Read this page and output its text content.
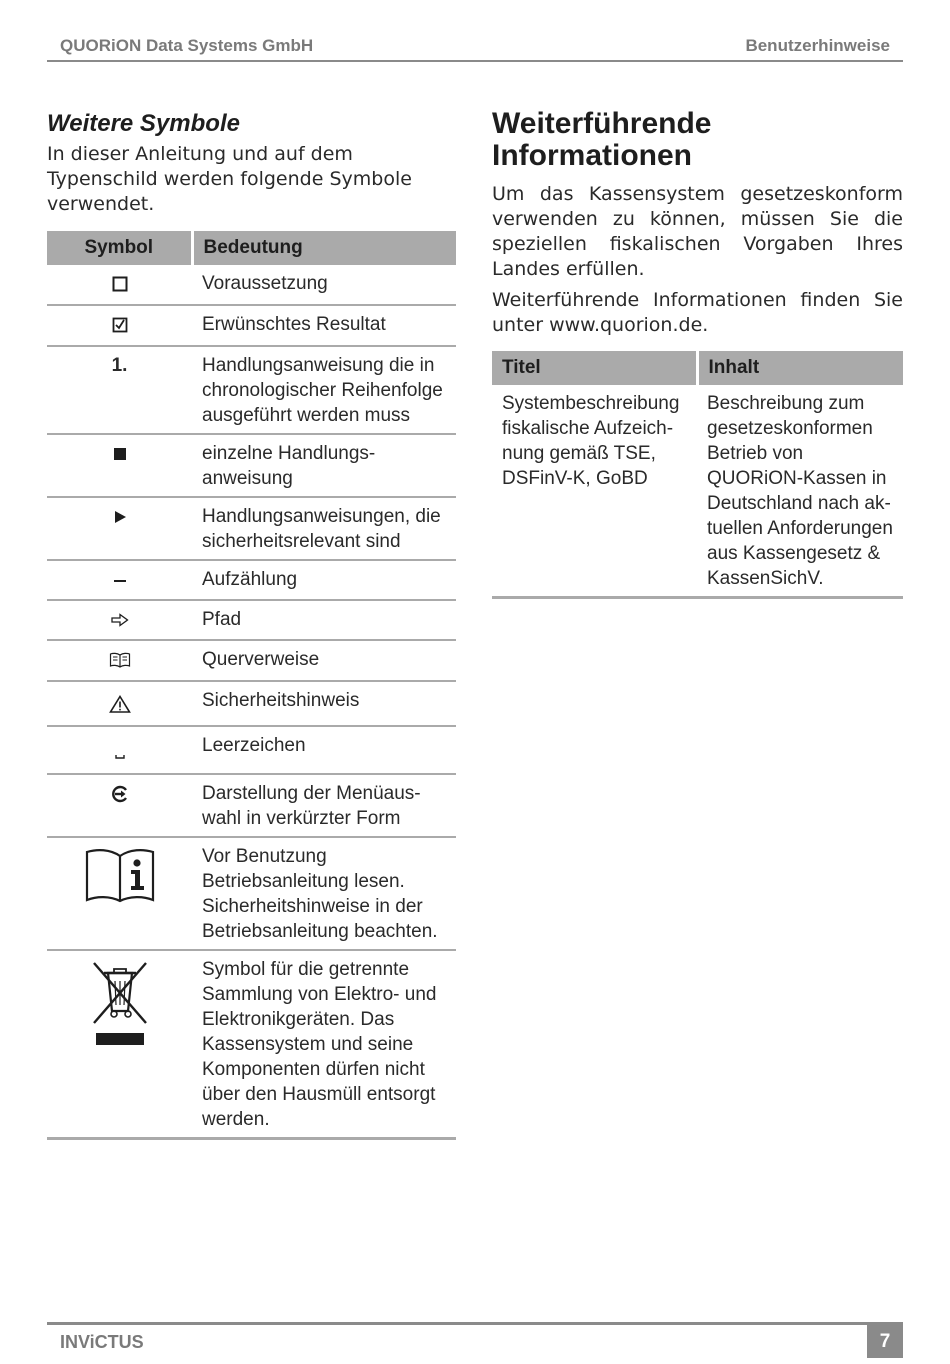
QUORiON Data Systems GmbH	Benutzerhinweise
Weitere Symbole
In dieser Anleitung und auf dem Typenschild werden folgende Symbole verwendet.
Symbol	Bedeutung
	Voraussetzung
	Erwünschtes Resultat
1.	Handlungsanweisung die in chronologischer Reihenfolge ausgeführt werden muss
	einzelne Handlungsanweisung
	Handlungsanweisungen, die sicherheitsrelevant sind
	Aufzählung
	Pfad
	Querverweise
	Sicherheitshinweis
	Leerzeichen
	Darstellung der Menüauswahl in verkürzter Form
	Vor Benutzung Betriebsanleitung lesen. Sicherheitshinweise in der Betriebsanleitung beachten.
	Symbol für die getrennte Sammlung von Elektro- und Elektronikgeräten. Das Kassensystem und seine Komponenten dürfen nicht über den Hausmüll entsorgt werden.
Weiterführende
Informationen
Um das Kassensystem gesetzeskonform verwenden zu können, müssen Sie die speziellen fiskalischen Vorgaben Ihres Landes erfüllen.
Weiterführende Informationen finden Sie unter www.quorion.de.
Titel	Inhalt
Systembeschreibung fiskalische Aufzeichnung gemäß TSE, DSFinV-K, GoBD	Beschreibung zum gesetzeskonformen Betrieb von QUORiON-Kassen in Deutschland nach aktuellen Anforderungen aus Kassengesetz & KassenSichV.
INViCTUS	7
